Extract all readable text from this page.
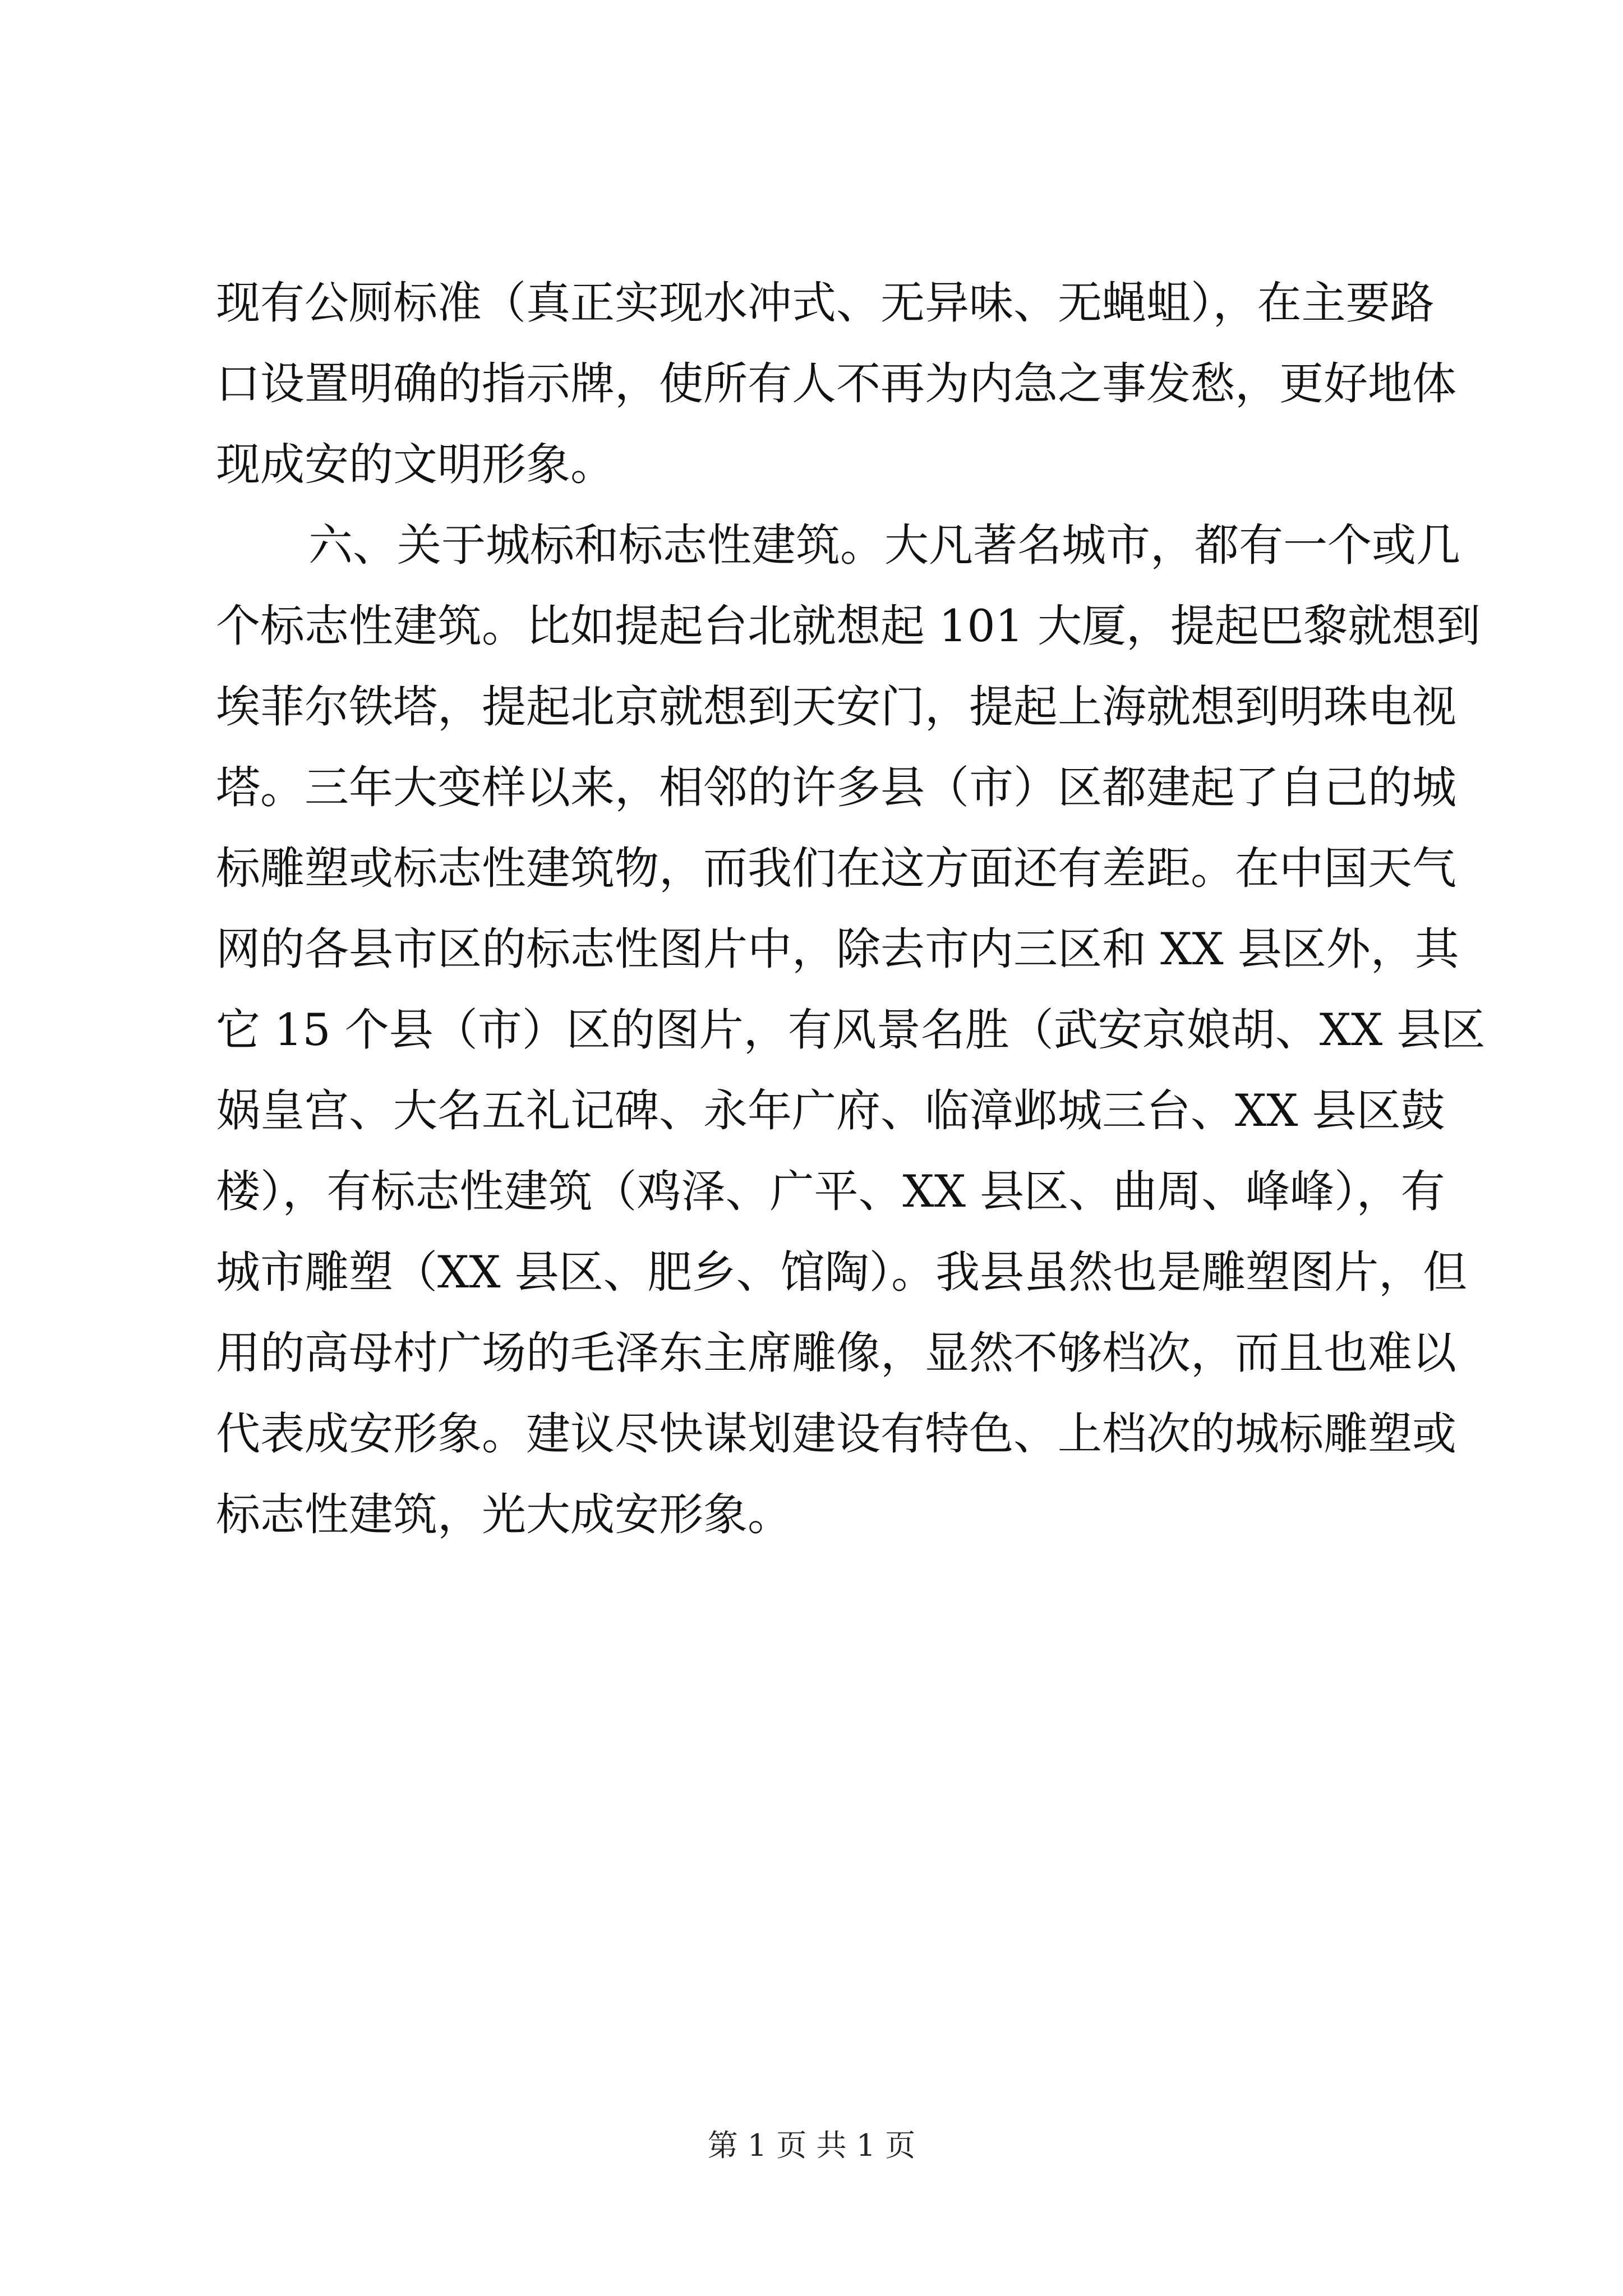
现有公厕标准（真正实现水冲式、无异味、无蝇蛆），在主要路
口设置明确的指示牌，使所有人不再为内急之事发愁，更好地体
现成安的文明形象。
六、关于城标和标志性建筑。大凡著名城市，都有一个或几
个标志性建筑。比如提起台北就想起 101 大厦，提起巴黎就想到
埃菲尔铁塔，提起北京就想到天安门，提起上海就想到明珠电视
塔。三年大变样以来，相邻的许多县（市）区都建起了自己的城
标雕塑或标志性建筑物，而我们在这方面还有差距。在中国天气
网的各县市区的标志性图片中，除去市内三区和 XX 县区外，其
它 15 个县（市）区的图片，有风景名胜（武安京娘胡、XX 县区
娲皇宫、大名五礼记碑、永年广府、临漳邺城三台、XX 县区鼓
楼），有标志性建筑（鸡泽、广平、XX 县区、曲周、峰峰），有
城市雕塑（XX 县区、肥乡、馆陶）。我县虽然也是雕塑图片，但
用的高母村广场的毛泽东主席雕像，显然不够档次，而且也难以
代表成安形象。建议尽快谋划建设有特色、上档次的城标雕塑或
标志性建筑，光大成安形象。
第 1 页 共 1 页
